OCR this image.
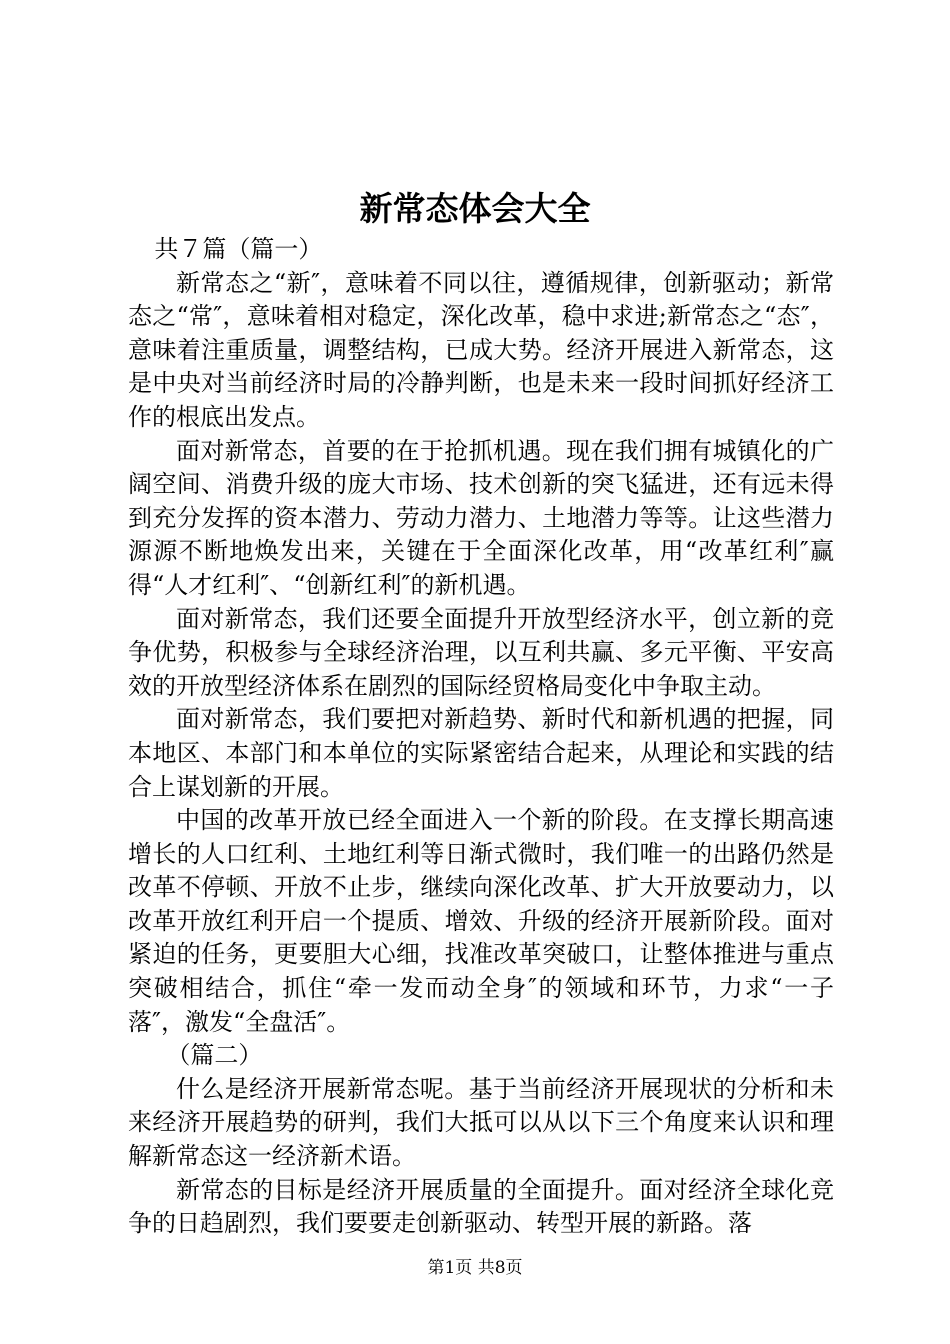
新常态体会大全

共７篇（篇一）

新常态之“新″，意味着不同以往，遵循规律，创新驱动；新常态之“常″，意味着相对稳定，深化改革，稳中求进;新常态之“态″，意味着注重质量，调整结构，已成大势。经济开展进入新常态，这是中央对当前经济时局的冷静判断，也是未来一段时间抓好经济工作的根底出发点。

面对新常态，首要的在于抢抓机遇。现在我们拥有城镇化的广阔空间、消费升级的庞大市场、技术创新的突飞猛进，还有远未得到充分发挥的资本潜力、劳动力潜力、土地潜力等等。让这些潜力源源不断地焕发出来，关键在于全面深化改革，用“改革红利″赢得“人才红利″、“创新红利″的新机遇。

面对新常态，我们还要全面提升开放型经济水平，创立新的竞争优势，积极参与全球经济治理，以互利共赢、多元平衡、平安高效的开放型经济体系在剧烈的国际经贸格局变化中争取主动。

面对新常态，我们要把对新趋势、新时代和新机遇的把握，同本地区、本部门和本单位的实际紧密结合起来，从理论和实践的结合上谋划新的开展。

中国的改革开放已经全面进入一个新的阶段。在支撑长期高速增长的人口红利、土地红利等日渐式微时，我们唯一的出路仍然是改革不停顿、开放不止步，继续向深化改革、扩大开放要动力，以改革开放红利开启一个提质、增效、升级的经济开展新阶段。面对紧迫的任务，更要胆大心细，找准改革突破口，让整体推进与重点突破相结合，抓住“牵一发而动全身″的领域和环节，力求“一子落″，激发“全盘活″。

（篇二）

什么是经济开展新常态呢。基于当前经济开展现状的分析和未来经济开展趋势的研判，我们大抵可以从以下三个角度来认识和理解新常态这一经济新术语。

新常态的目标是经济开展质量的全面提升。面对经济全球化竞争的日趋剧烈，我们要要走创新驱动、转型开展的新路。落

第1页 共8页
